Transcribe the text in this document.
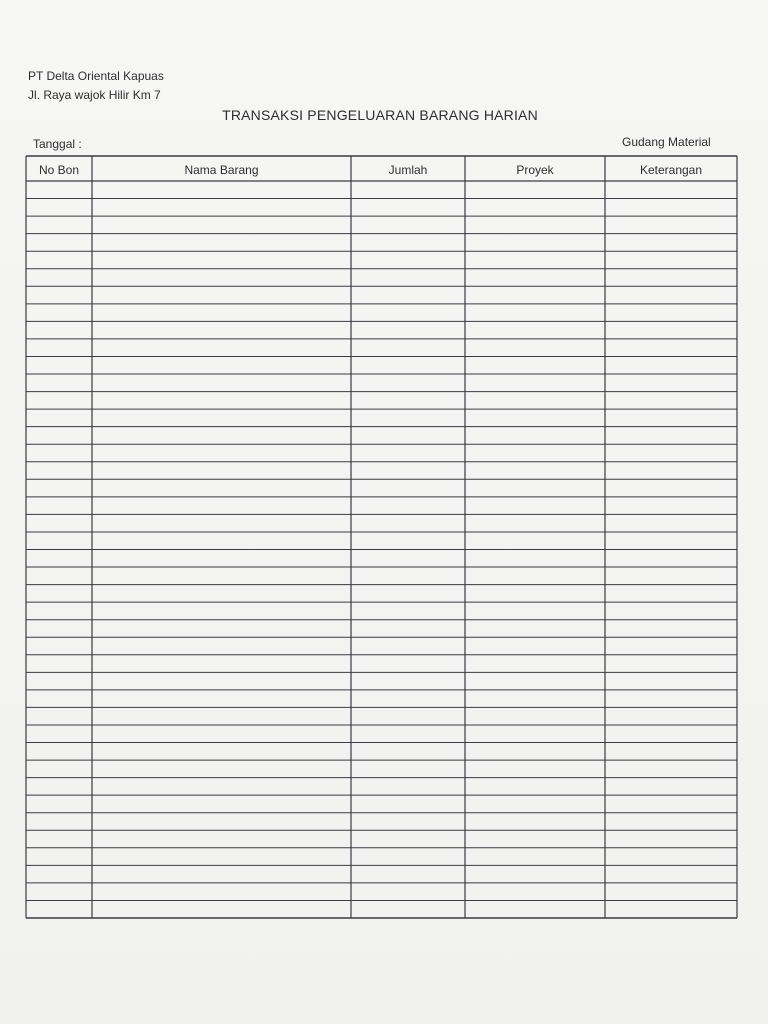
PT Delta Oriental Kapuas
Jl. Raya wajok Hilir Km 7
TRANSAKSI PENGELUARAN BARANG HARIAN
Tanggal :	Gudang Material
No Bon	Nama Barang	Jumlah	Proyek	Keterangan
